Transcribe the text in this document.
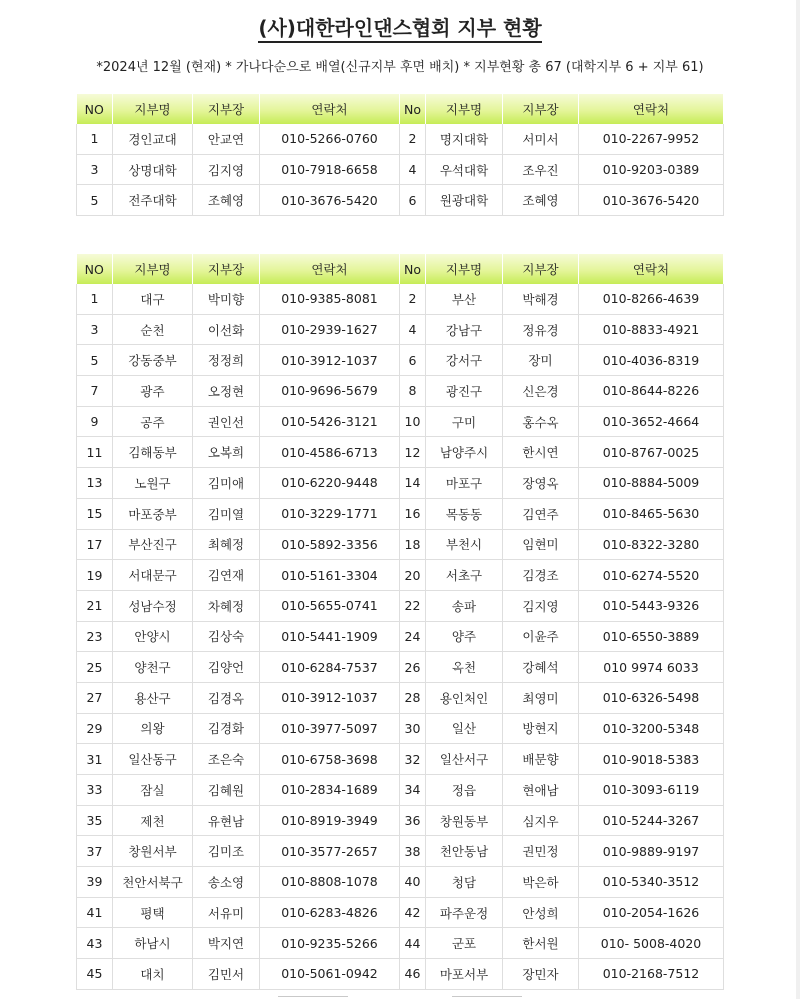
(사)대한라인댄스협회 지부 현황
*2024년 12월 (현재) * 가나다순으로 배열(신규지부 후면 배치) * 지부현황 총 67 (대학지부 6 + 지부 61)
NO	지부명	지부장	연락처	No	지부명	지부장	연락처
1	경인교대	안교연	010-5266-0760	2	명지대학	서미서	010-2267-9952
3	상명대학	김지영	010-7918-6658	4	우석대학	조우진	010-9203-0389
5	전주대학	조혜영	010-3676-5420	6	원광대학	조혜영	010-3676-5420
NO	지부명	지부장	연락처	No	지부명	지부장	연락처
1	대구	박미향	010-9385-8081	2	부산	박해경	010-8266-4639
3	순천	이선화	010-2939-1627	4	강남구	정유경	010-8833-4921
5	강동중부	정정희	010-3912-1037	6	강서구	장미	010-4036-8319
7	광주	오정현	010-9696-5679	8	광진구	신은경	010-8644-8226
9	공주	권인선	010-5426-3121	10	구미	홍수옥	010-3652-4664
11	김해동부	오복희	010-4586-6713	12	남양주시	한시연	010-8767-0025
13	노원구	김미애	010-6220-9448	14	마포구	장영옥	010-8884-5009
15	마포중부	김미열	010-3229-1771	16	목동동	김연주	010-8465-5630
17	부산진구	최혜정	010-5892-3356	18	부천시	임현미	010-8322-3280
19	서대문구	김연재	010-5161-3304	20	서초구	김경조	010-6274-5520
21	성남수정	차혜정	010-5655-0741	22	송파	김지영	010-5443-9326
23	안양시	김상숙	010-5441-1909	24	양주	이윤주	010-6550-3889
25	양천구	김양언	010-6284-7537	26	옥천	강혜석	010 9974 6033
27	용산구	김경옥	010-3912-1037	28	용인처인	최영미	010-6326-5498
29	의왕	김경화	010-3977-5097	30	일산	방현지	010-3200-5348
31	일산동구	조은숙	010-6758-3698	32	일산서구	배문향	010-9018-5383
33	잠실	김혜원	010-2834-1689	34	정읍	현애남	010-3093-6119
35	제천	유현남	010-8919-3949	36	창원동부	심지우	010-5244-3267
37	창원서부	김미조	010-3577-2657	38	천안동남	권민정	010-9889-9197
39	천안서북구	송소영	010-8808-1078	40	청담	박은하	010-5340-3512
41	평택	서유미	010-6283-4826	42	파주운정	안성희	010-2054-1626
43	하남시	박지연	010-9235-5266	44	군포	한서원	010- 5008-4020
45	대치	김민서	010-5061-0942	46	마포서부	장민자	010-2168-7512
